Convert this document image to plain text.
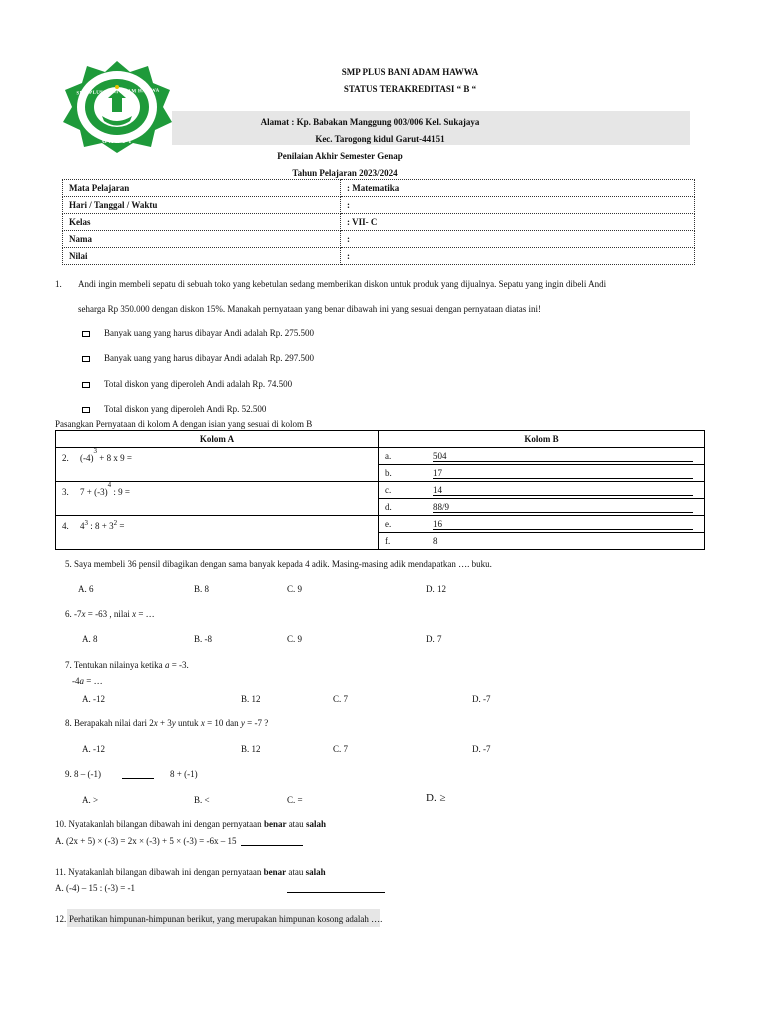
SMP PLUS BANI ADAM HAWWA
GARUT
SMP PLUS BANI ADAM HAWWA
STATUS TERAKREDITASI “ B “
Alamat : Kp. Babakan Manggung 003/006 Kel. Sukajaya
Kec. Tarogong kidul Garut-44151
Penilaian Akhir Semester Genap
Tahun Pelajaran 2023/2024
Mata Pelajaran	: Matematika
Hari / Tanggal / Waktu	:
Kelas	: VII- C
Nama	:
Nilai	:
1. Andi ingin membeli sepatu di sebuah toko yang kebetulan sedang memberikan diskon untuk produk yang dijualnya. Sepatu yang ingin dibeli Andi
seharga Rp 350.000 dengan diskon 15%. Manakah pernyataan yang benar dibawah ini yang sesuai dengan pernyataan diatas ini!
Banyak uang yang harus dibayar Andi adalah Rp. 275.500
Banyak uang yang harus dibayar Andi adalah Rp. 297.500
Total diskon yang diperoleh Andi adalah Rp. 74.500
Total diskon yang diperoleh Andi Rp. 52.500
Pasangkan Pernyataan di kolom A dengan isian yang sesuai di kolom B
Kolom A	Kolom B
2. $(-4)^3 + 8$ x 9 =	a. 504

	b. 17

3. $7 + (-3)^4$ : 9 =	c. 14

	d. 88/9

4. $4^3$ : $8 + 3^2$ =	e. 16

	f. 8
5. Saya membeli 36 pensil dibagikan dengan sama banyak kepada 4 adik. Masing-masing adik mendapatkan …. buku.
A. 6	B. 8	C. 9	D. 12
6. -7x = -63 , nilai x = …
A. 8	B. -8	C. 9	D. 7
7. Tentukan nilainya ketika a = -3.
-4a = …
A. -12	B. 12	C. 7	D. -7
8. Berapakah nilai dari 2x + 3y untuk x = 10 dan y = -7 ?
A. -12	B. 12	C. 7	D. -7
9. 8 – (-1)	8 + (-1)
A. >	B. <	C. =	D. ≥
10. Nyatakanlah bilangan dibawah ini dengan pernyataan benar atau salah
A. (2x + 5) × (-3) = 2x × (-3) + 5 × (-3) = -6x – 15
11. Nyatakanlah bilangan dibawah ini dengan pernyataan benar atau salah
A. (-4) – 15 : (-3) = -1
12. Perhatikan himpunan-himpunan berikut, yang merupakan himpunan kosong adalah ….
